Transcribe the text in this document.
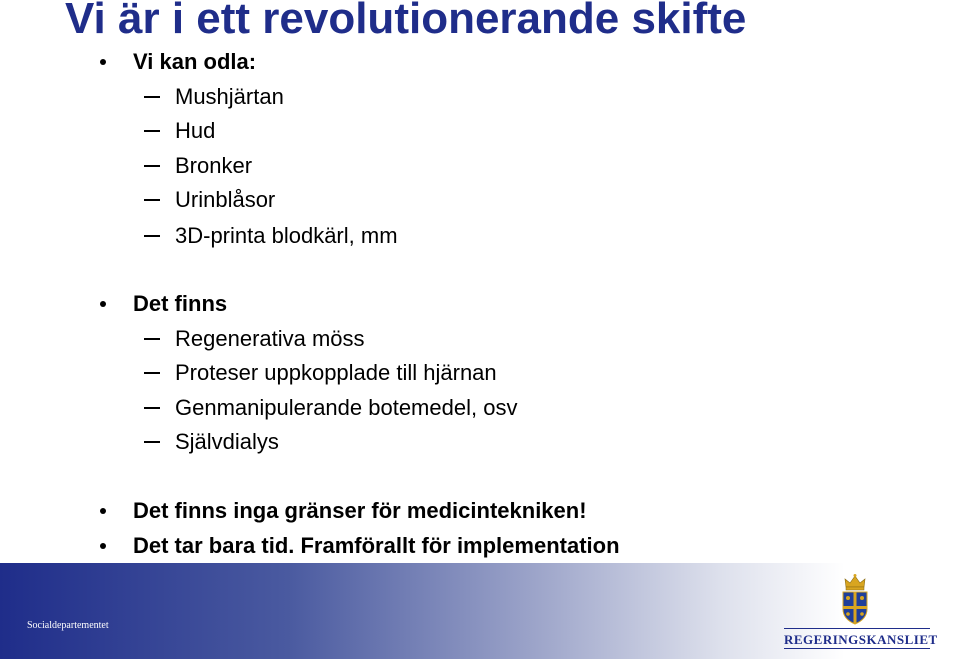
Vi är i ett revolutionerande skifte
Vi kan odla:
Mushjärtan
Hud
Bronker
Urinblåsor
3D-printa blodkärl, mm
Det finns
Regenerativa möss
Proteser uppkopplade till hjärnan
Genmanipulerande botemedel, osv
Självdialys
Det finns inga gränser för medicintekniken!
Det tar bara tid. Framförallt för implementation
Socialdepartementet
REGERINGSKANSLIET
